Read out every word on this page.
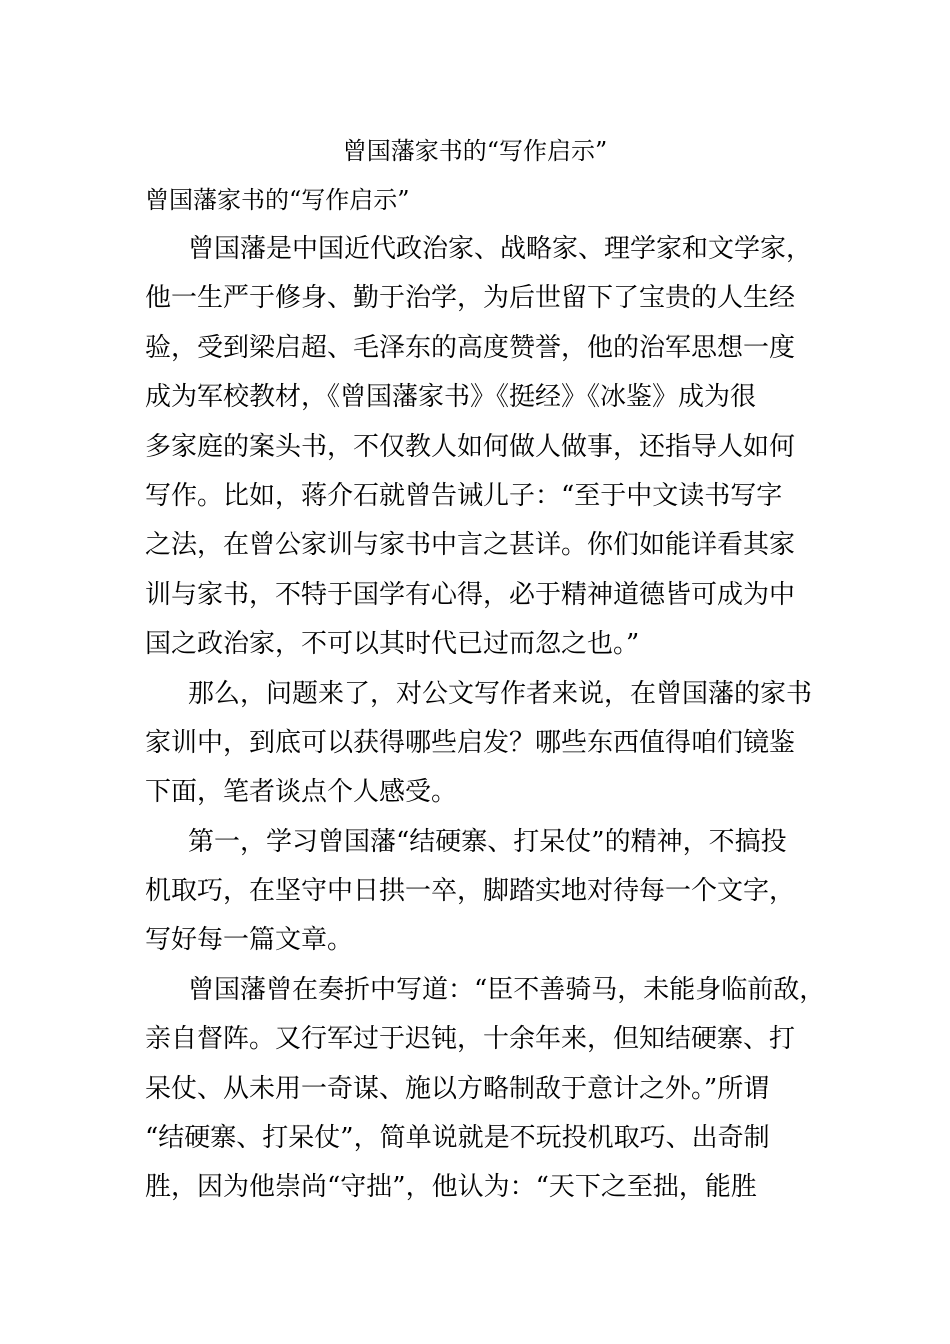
曾国藩家书的“写作启示”
曾国藩家书的“写作启示”
曾国藩是中国近代政治家、战略家、理学家和文学家，
他一生严于修身、勤于治学，为后世留下了宝贵的人生经
验，受到梁启超、毛泽东的高度赞誉，他的治军思想一度
成为军校教材，《曾国藩家书》《挺经》《冰鉴》成为很
多家庭的案头书，不仅教人如何做人做事，还指导人如何
写作。比如，蒋介石就曾告诫儿子：“至于中文读书写字
之法，在曾公家训与家书中言之甚详。你们如能详看其家
训与家书，不特于国学有心得，必于精神道德皆可成为中
国之政治家，不可以其时代已过而忽之也。”
那么，问题来了，对公文写作者来说，在曾国藩的家书
家训中，到底可以获得哪些启发？哪些东西值得咱们镜鉴
下面，笔者谈点个人感受。
第一，学习曾国藩“结硬寨、打呆仗”的精神，不搞投
机取巧，在坚守中日拱一卒，脚踏实地对待每一个文字，
写好每一篇文章。
曾国藩曾在奏折中写道：“臣不善骑马，未能身临前敌，
亲自督阵。又行军过于迟钝，十余年来，但知结硬寨、打
呆仗、从未用一奇谋、施以方略制敌于意计之外。”所谓
“结硬寨、打呆仗”，简单说就是不玩投机取巧、出奇制
胜，因为他崇尚“守拙”，他认为：“天下之至拙，能胜
